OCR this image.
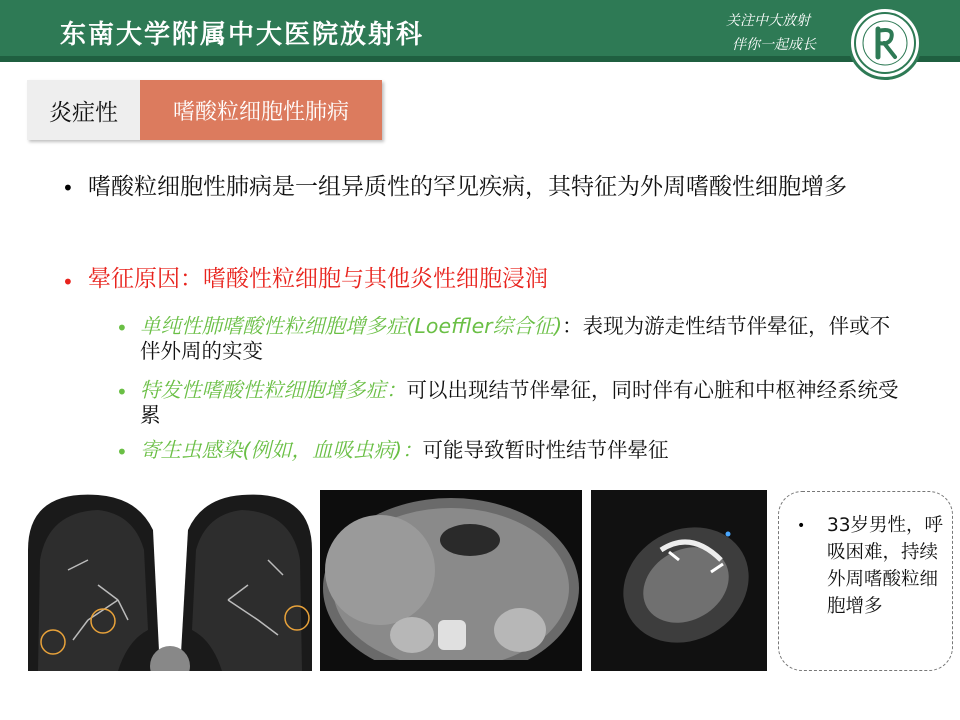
东南大学附属中大医院放射科	关注中大放射
伴你一起成长
炎症性	嗜酸粒细胞性肺病
• 嗜酸粒细胞性肺病是一组异质性的罕见疾病，其特征为外周嗜酸性细胞增多
• 晕征原因：嗜酸性粒细胞与其他炎性细胞浸润
• 单纯性肺嗜酸性粒细胞增多症(Loeffler综合征)：表现为游走性结节伴晕征，伴或不伴外周的实变
• 特发性嗜酸性粒细胞增多症：可以出现结节伴晕征，同时伴有心脏和中枢神经系统受累
• 寄生虫感染(例如，血吸虫病)：可能导致暂时性结节伴晕征
• 33岁男性，呼吸困难，持续外周嗜酸粒细胞增多
